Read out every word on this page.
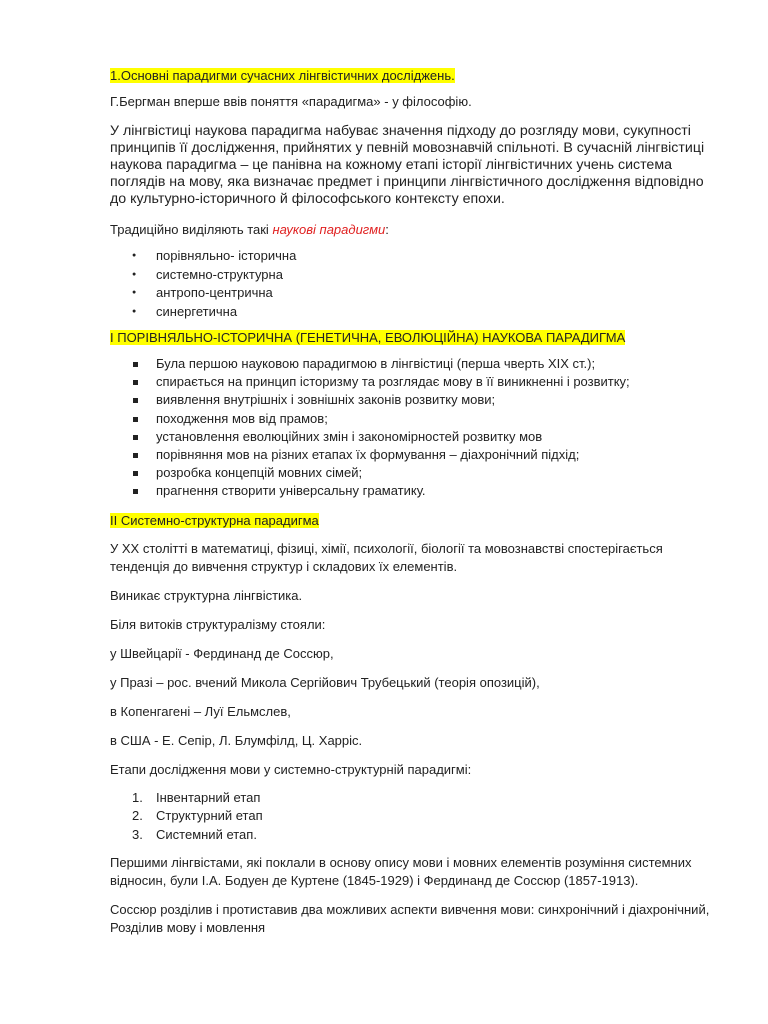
1.Основні парадигми сучасних лінгвістичних досліджень.

Г.Бергман вперше ввів поняття «парадигма» - у філософію.

У лінгвістиці наукова парадигма набуває значення підходу до розгляду мови, сукупності принципів її дослідження, прийнятих у певній мовознавчій спільноті. В сучасній лінгвістиці наукова парадигма – це панівна на кожному етапі історії лінгвістичних учень система поглядів на мову, яка визначає предмет і принципи лінгвістичного дослідження відповідно до культурно-історичного й філософського контексту епохи.

Традиційно виділяють такі наукові парадигми:

● порівняльно- історична
● системно-структурна
● антропо-центрична
● синергетична

І ПОРІВНЯЛЬНО-ІСТОРИЧНА (ГЕНЕТИЧНА, ЕВОЛЮЦІЙНА) НАУКОВА ПАРАДИГМА

Була першою науковою парадигмою в лінгвістиці (перша чверть ХІХ ст.);
спирається на принцип історизму та розглядає мову в її виникненні і розвитку;
виявлення внутрішніх і зовнішніх законів розвитку мови;
походження мов від прамов;
установлення еволюційних змін і закономірностей розвитку мов
порівняння мов на різних етапах їх формування – діахронічний підхід;
розробка концепцій мовних сімей;
прагнення створити універсальну граматику.

ІІ Системно-структурна парадигма

У ХХ столітті в математиці, фізиці, хімії, психології, біології та мовознавстві спостерігається тенденція до вивчення структур і складових їх елементів.

Виникає структурна лінгвістика.

Біля витоків структуралізму стояли:

у Швейцарії - Фердинанд де Соссюр,

у Празі – рос. вчений Микола Сергійович Трубецький (теорія опозицій),

в Копенгагені – Луї Ельмслев,

в США - Е. Сепір, Л. Блумфілд, Ц. Харріс.

Етапи дослідження мови у системно-структурній парадигмі:

1. Інвентарний етап
2. Структурний етап
3. Системний етап.

Першими лінгвістами, які поклали в основу опису мови і мовних елементів розуміння системних відносин, були І.А. Бодуен де Куртене (1845-1929) і Фердинанд де Соссюр (1857-1913).

Соссюр розділив і протиставив два можливих аспекти вивчення мови: синхронічний і діахронічний, Розділив мову і мовлення
